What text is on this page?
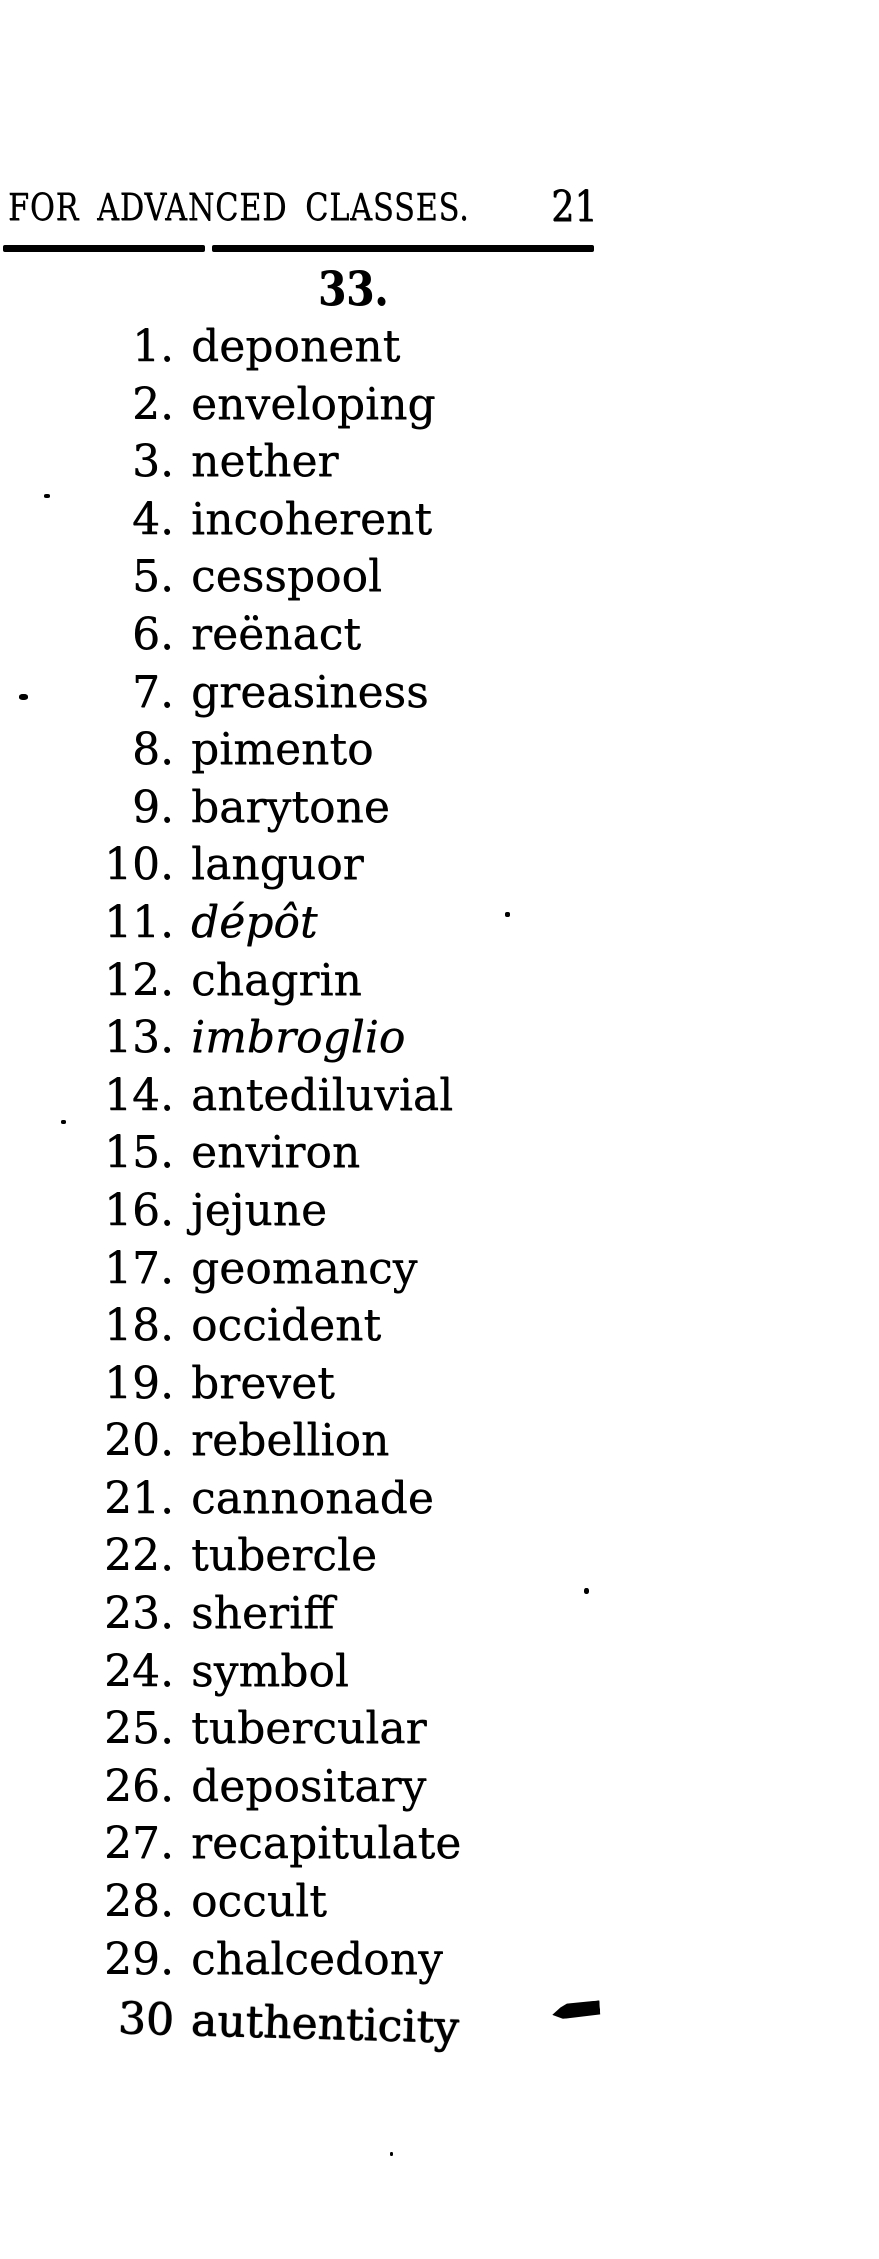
FOR ADVANCED CLASSES. 21
33.
1. deponent
2. enveloping
3. nether
4. incoherent
5. cesspool
6. reënact
7. greasiness
8. pimento
9. barytone
10. languor
11. dépôt
12. chagrin
13. imbroglio
14. antediluvial
15. environ
16. jejune
17. geomancy
18. occident
19. brevet
20. rebellion
21. cannonade
22. tubercle
23. sheriff
24. symbol
25. tubercular
26. depositary
27. recapitulate
28. occult
29. chalcedony
30 authenticity
